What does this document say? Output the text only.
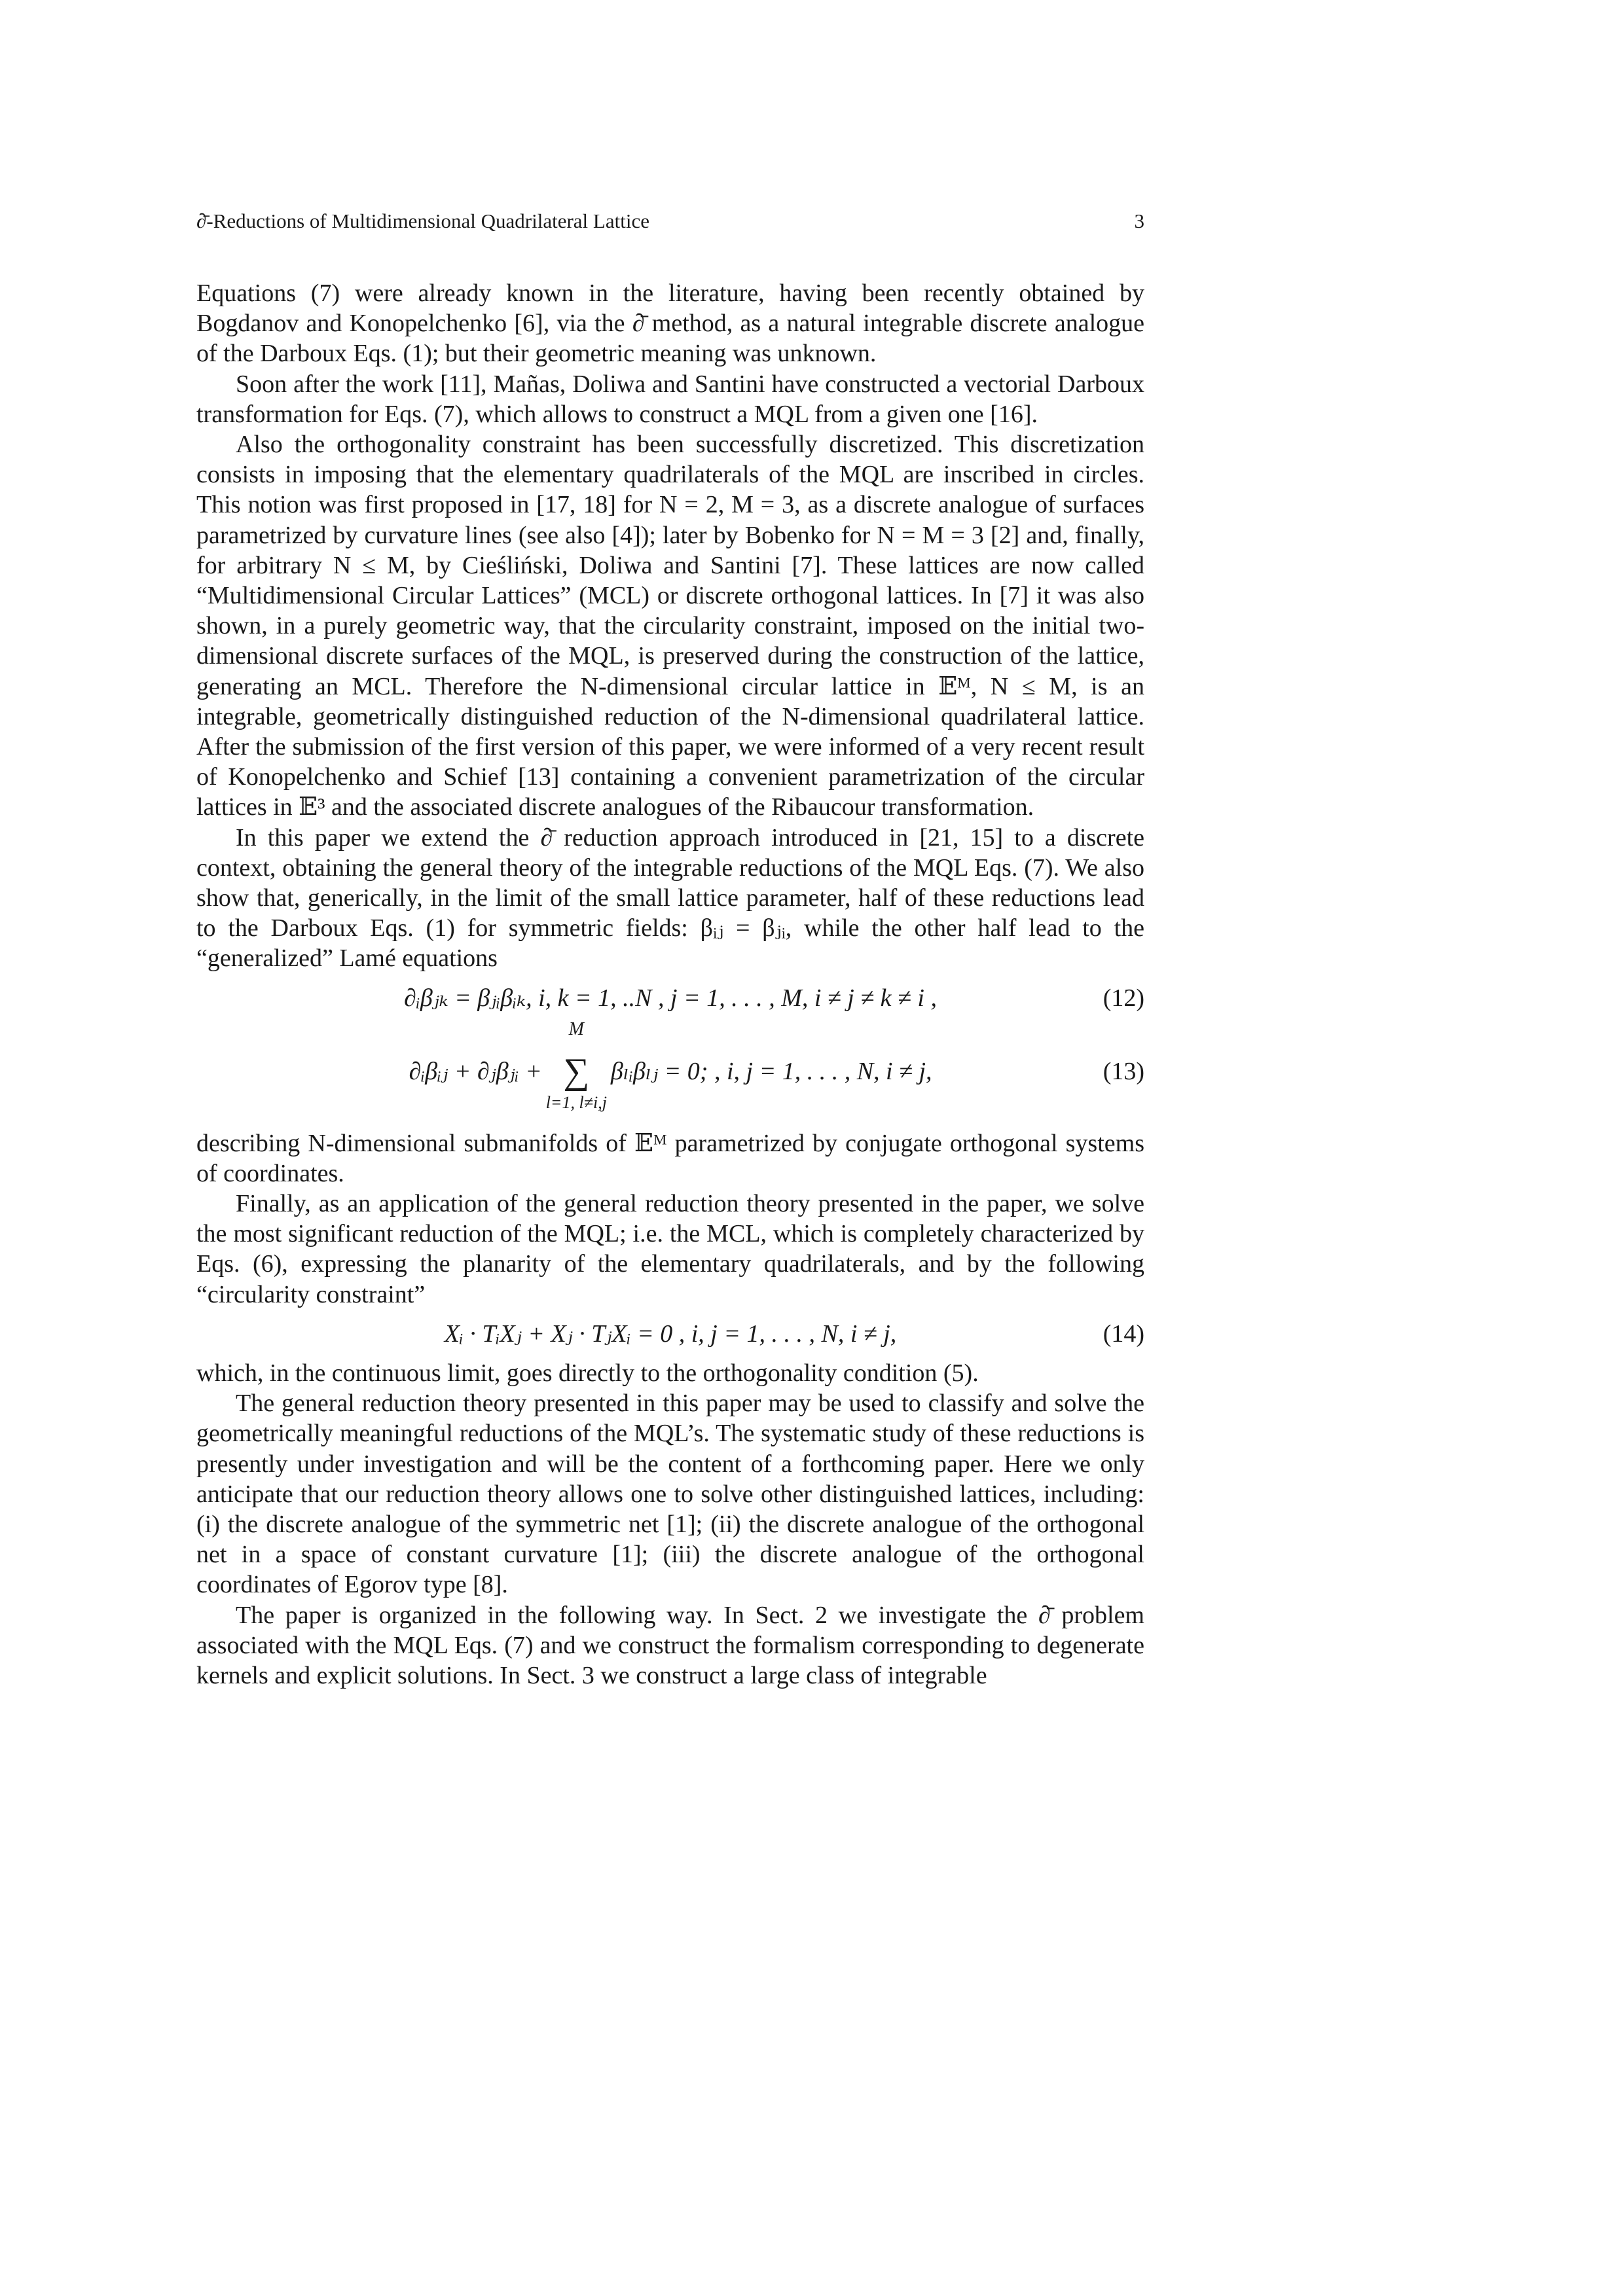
∂̄-Reductions of Multidimensional Quadrilateral Lattice	3

Equations (7) were already known in the literature, having been recently obtained by Bogdanov and Konopelchenko [6], via the ∂̄ method, as a natural integrable discrete analogue of the Darboux Eqs. (1); but their geometric meaning was unknown.

Soon after the work [11], Mañas, Doliwa and Santini have constructed a vectorial Darboux transformation for Eqs. (7), which allows to construct a MQL from a given one [16].

Also the orthogonality constraint has been successfully discretized. This discretization consists in imposing that the elementary quadrilaterals of the MQL are inscribed in circles. This notion was first proposed in [17, 18] for N = 2, M = 3, as a discrete analogue of surfaces parametrized by curvature lines (see also [4]); later by Bobenko for N = M = 3 [2] and, finally, for arbitrary N ≤ M, by Cieśliński, Doliwa and Santini [7]. These lattices are now called “Multidimensional Circular Lattices” (MCL) or discrete orthogonal lattices. In [7] it was also shown, in a purely geometric way, that the circularity constraint, imposed on the initial two-dimensional discrete surfaces of the MQL, is preserved during the construction of the lattice, generating an MCL. Therefore the N-dimensional circular lattice in 𝔼ᴹ, N ≤ M, is an integrable, geometrically distinguished reduction of the N-dimensional quadrilateral lattice. After the submission of the first version of this paper, we were informed of a very recent result of Konopelchenko and Schief [13] containing a convenient parametrization of the circular lattices in 𝔼³ and the associated discrete analogues of the Ribaucour transformation.

In this paper we extend the ∂̄ reduction approach introduced in [21, 15] to a discrete context, obtaining the general theory of the integrable reductions of the MQL Eqs. (7). We also show that, generically, in the limit of the small lattice parameter, half of these reductions lead to the Darboux Eqs. (1) for symmetric fields: βᵢⱼ = βⱼᵢ, while the other half lead to the “generalized” Lamé equations

∂ᵢβⱼₖ = βⱼᵢβᵢₖ, i, k = 1, ..N , j = 1, . . . , M, i ≠ j ≠ k ≠ i ,	(12)
∂ᵢβᵢⱼ + ∂ⱼβⱼᵢ +
M
∑
l=1, l≠i,j
βₗᵢβₗⱼ = 0; , i, j = 1, . . . , N, i ≠ j,	(13)

describing N-dimensional submanifolds of 𝔼ᴹ parametrized by conjugate orthogonal systems of coordinates.

Finally, as an application of the general reduction theory presented in the paper, we solve the most significant reduction of the MQL; i.e. the MCL, which is completely characterized by Eqs. (6), expressing the planarity of the elementary quadrilaterals, and by the following “circularity constraint”

Xᵢ · TᵢXⱼ + Xⱼ · TⱼXᵢ = 0 , i, j = 1, . . . , N, i ≠ j,	(14)

which, in the continuous limit, goes directly to the orthogonality condition (5).

The general reduction theory presented in this paper may be used to classify and solve the geometrically meaningful reductions of the MQL’s. The systematic study of these reductions is presently under investigation and will be the content of a forthcoming paper. Here we only anticipate that our reduction theory allows one to solve other distinguished lattices, including: (i) the discrete analogue of the symmetric net [1]; (ii) the discrete analogue of the orthogonal net in a space of constant curvature [1]; (iii) the discrete analogue of the orthogonal coordinates of Egorov type [8].

The paper is organized in the following way. In Sect. 2 we investigate the ∂̄ problem associated with the MQL Eqs. (7) and we construct the formalism corresponding to degenerate kernels and explicit solutions. In Sect. 3 we construct a large class of integrable
